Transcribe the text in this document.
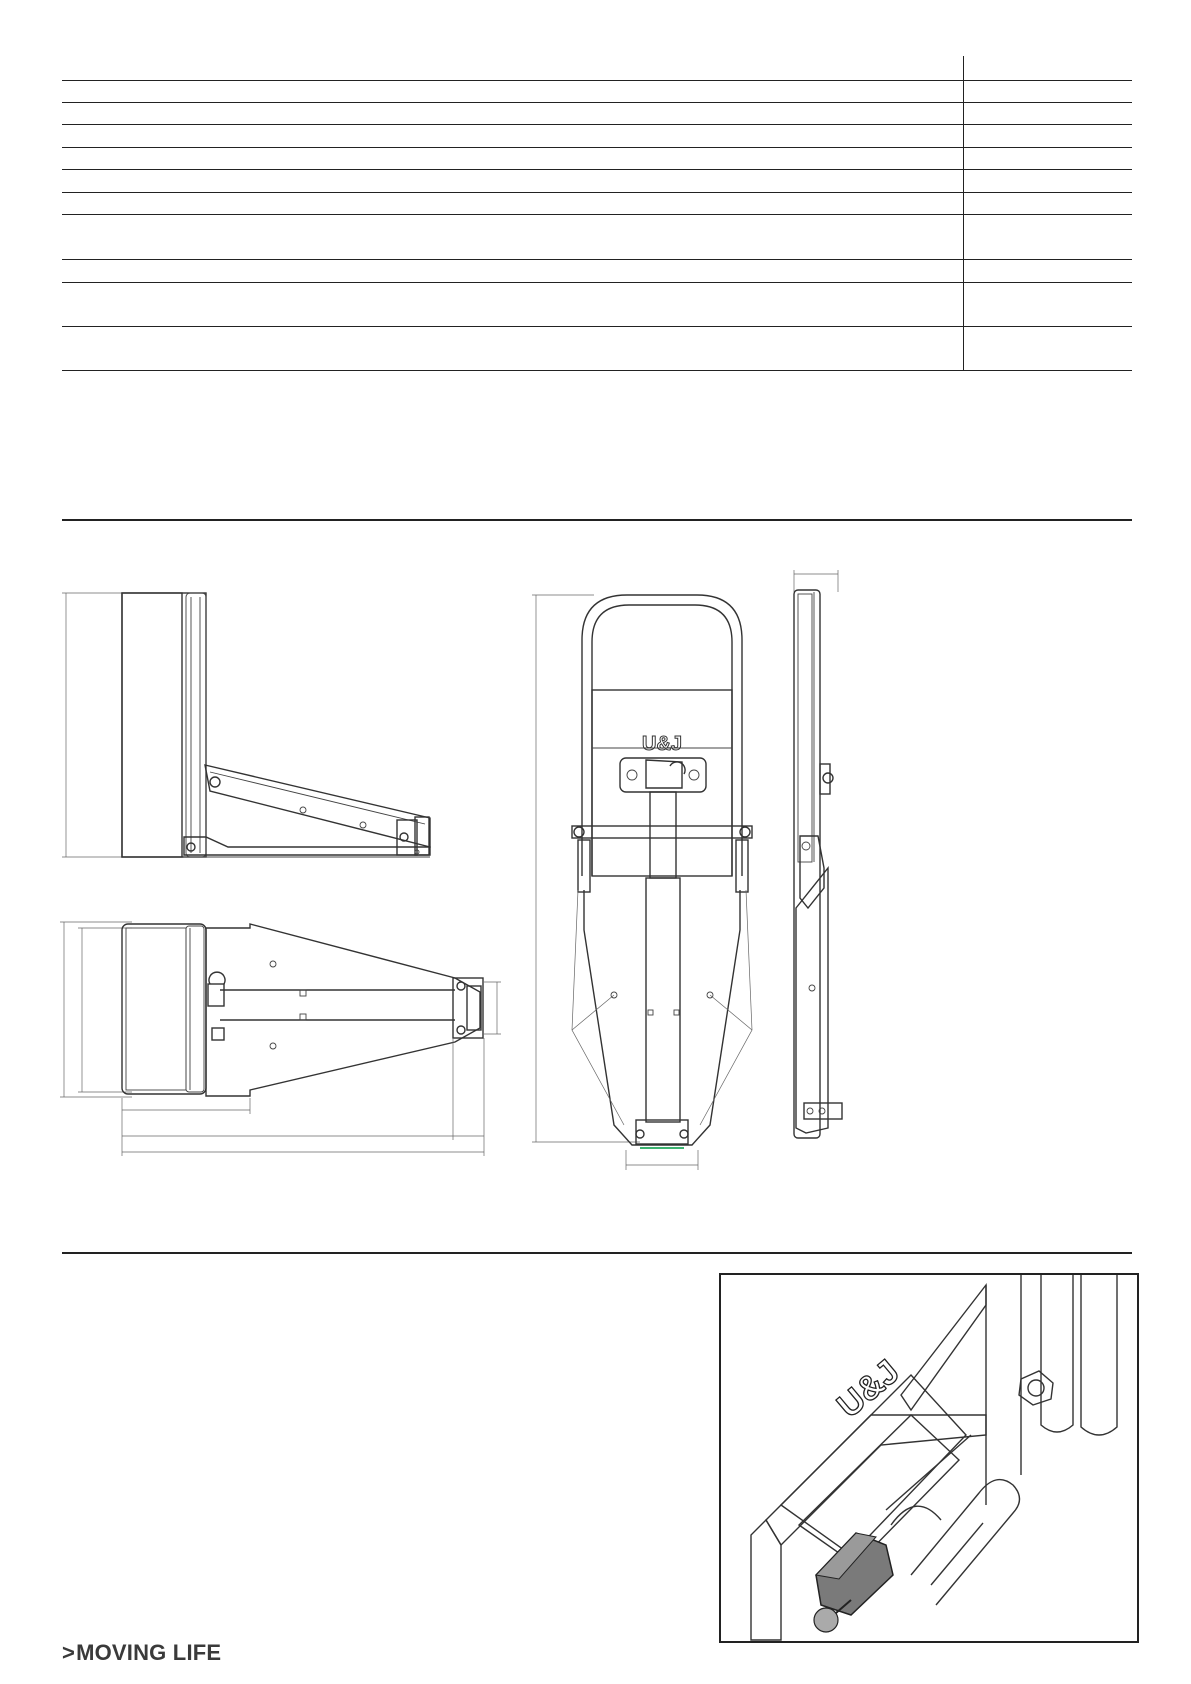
U&J
U&J
>MOVING LIFE
